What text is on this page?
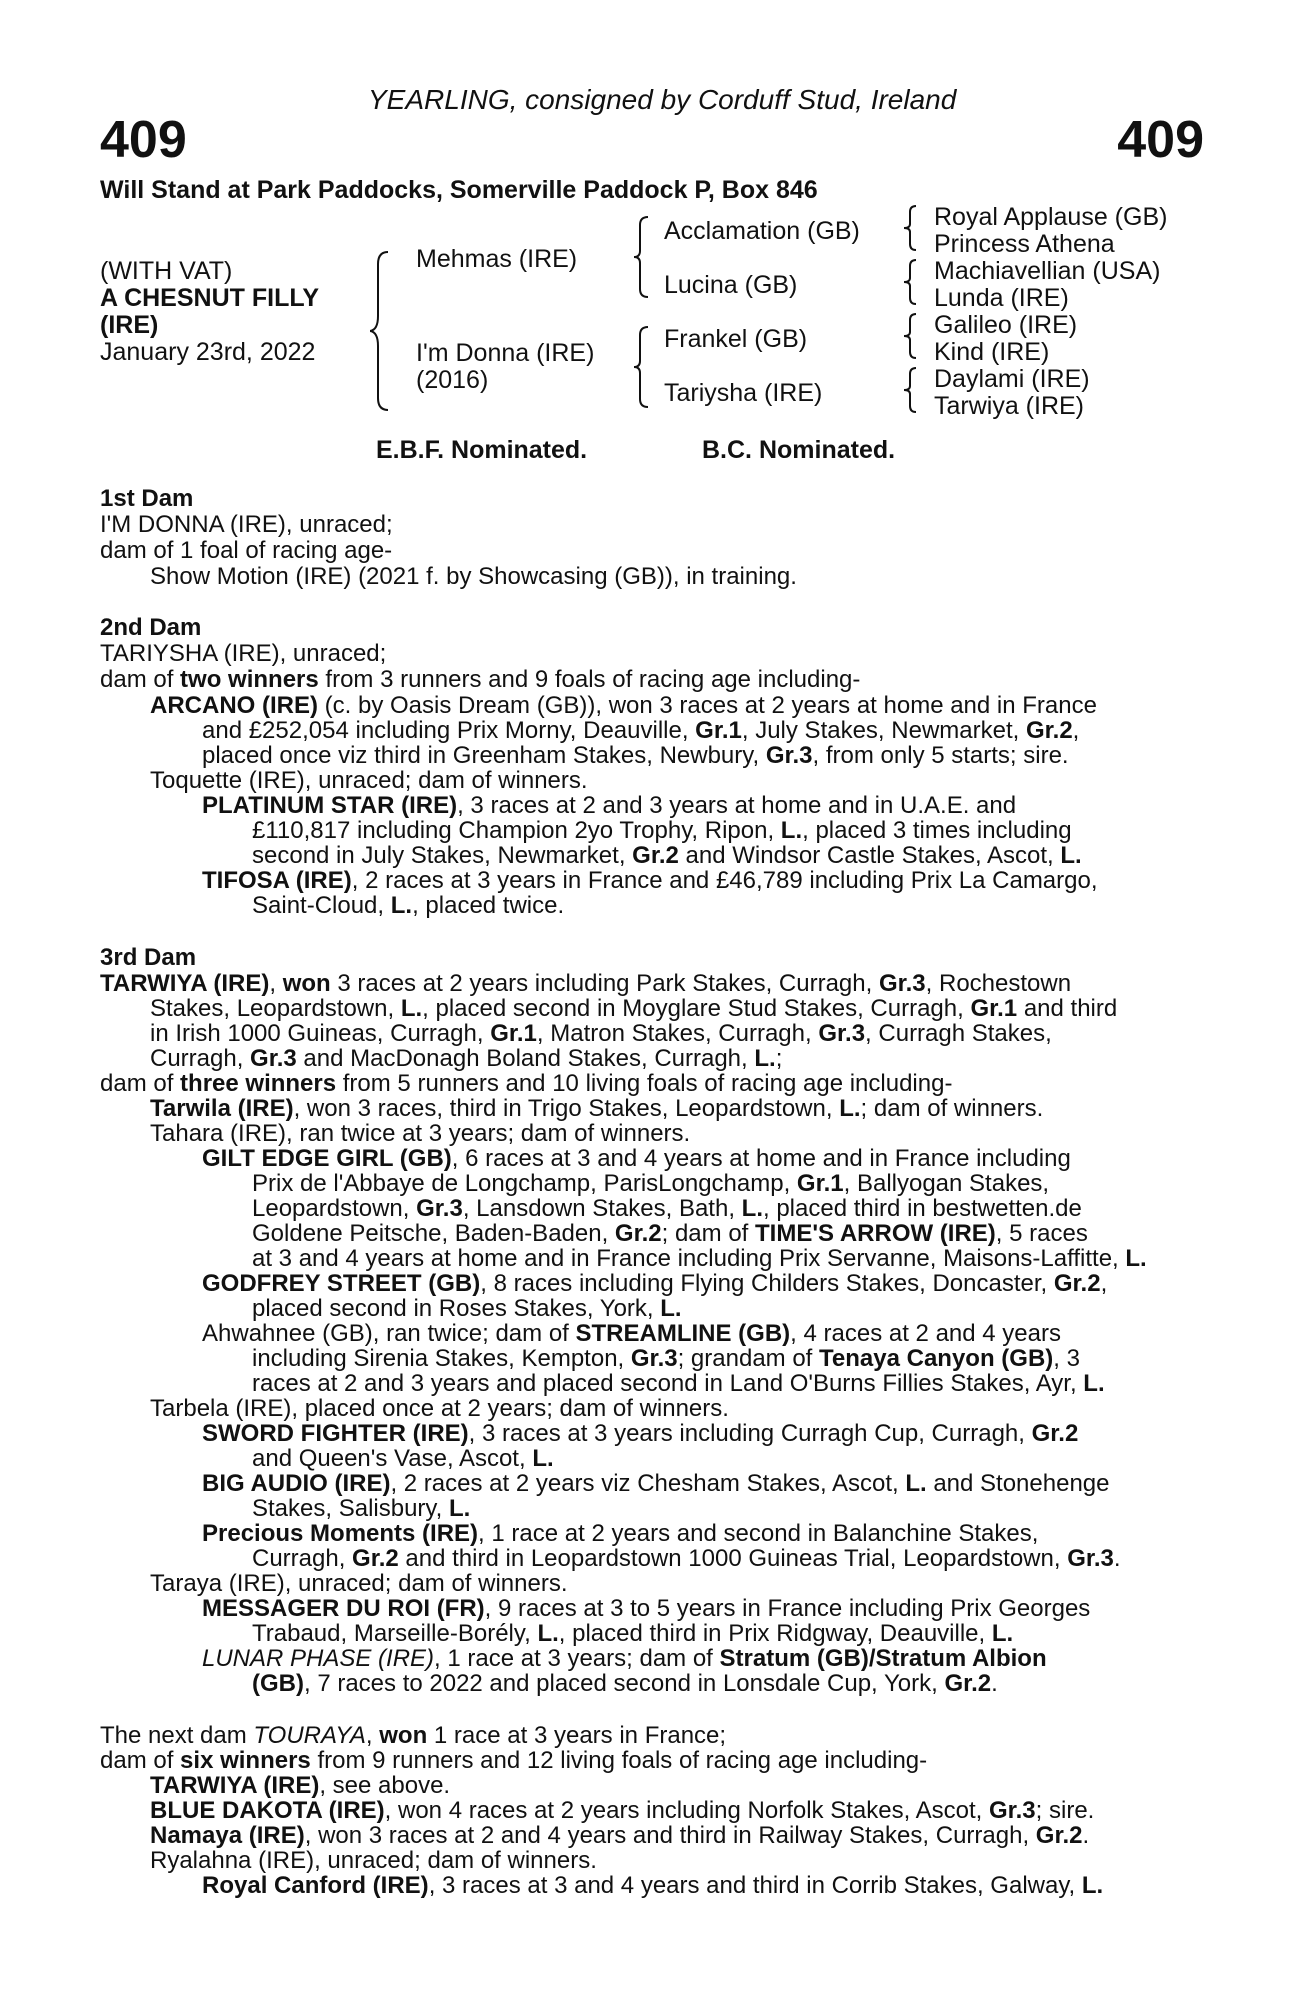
YEARLING, consigned by Corduff Stud, Ireland
409	409
Will Stand at Park Paddocks, Somerville Paddock P, Box 846
(WITH VAT)
A CHESNUT FILLY
(IRE)
January 23rd, 2022
Mehmas (IRE)
I'm Donna (IRE)
(2016)
Acclamation (GB)
Lucina (GB)
Frankel (GB)
Tariysha (IRE)
Royal Applause (GB)
Princess Athena
Machiavellian (USA)
Lunda (IRE)
Galileo (IRE)
Kind (IRE)
Daylami (IRE)
Tarwiya (IRE)
E.B.F. Nominated.	B.C. Nominated.
1st Dam
I'M DONNA (IRE), unraced;
dam of 1 foal of racing age-
Show Motion (IRE) (2021 f. by Showcasing (GB)), in training.
2nd Dam
TARIYSHA (IRE), unraced;
dam of two winners from 3 runners and 9 foals of racing age including-
ARCANO (IRE) (c. by Oasis Dream (GB)), won 3 races at 2 years at home and in France
and £252,054 including Prix Morny, Deauville, Gr.1, July Stakes, Newmarket, Gr.2,
placed once viz third in Greenham Stakes, Newbury, Gr.3, from only 5 starts; sire.
Toquette (IRE), unraced; dam of winners.
PLATINUM STAR (IRE), 3 races at 2 and 3 years at home and in U.A.E. and
£110,817 including Champion 2yo Trophy, Ripon, L., placed 3 times including
second in July Stakes, Newmarket, Gr.2 and Windsor Castle Stakes, Ascot, L.
TIFOSA (IRE), 2 races at 3 years in France and £46,789 including Prix La Camargo,
Saint-Cloud, L., placed twice.
3rd Dam
TARWIYA (IRE), won 3 races at 2 years including Park Stakes, Curragh, Gr.3, Rochestown
Stakes, Leopardstown, L., placed second in Moyglare Stud Stakes, Curragh, Gr.1 and third
in Irish 1000 Guineas, Curragh, Gr.1, Matron Stakes, Curragh, Gr.3, Curragh Stakes,
Curragh, Gr.3 and MacDonagh Boland Stakes, Curragh, L.;
dam of three winners from 5 runners and 10 living foals of racing age including-
Tarwila (IRE), won 3 races, third in Trigo Stakes, Leopardstown, L.; dam of winners.
Tahara (IRE), ran twice at 3 years; dam of winners.
GILT EDGE GIRL (GB), 6 races at 3 and 4 years at home and in France including
Prix de l'Abbaye de Longchamp, ParisLongchamp, Gr.1, Ballyogan Stakes,
Leopardstown, Gr.3, Lansdown Stakes, Bath, L., placed third in bestwetten.de
Goldene Peitsche, Baden-Baden, Gr.2; dam of TIME'S ARROW (IRE), 5 races
at 3 and 4 years at home and in France including Prix Servanne, Maisons-Laffitte, L.
GODFREY STREET (GB), 8 races including Flying Childers Stakes, Doncaster, Gr.2,
placed second in Roses Stakes, York, L.
Ahwahnee (GB), ran twice; dam of STREAMLINE (GB), 4 races at 2 and 4 years
including Sirenia Stakes, Kempton, Gr.3; grandam of Tenaya Canyon (GB), 3
races at 2 and 3 years and placed second in Land O'Burns Fillies Stakes, Ayr, L.
Tarbela (IRE), placed once at 2 years; dam of winners.
SWORD FIGHTER (IRE), 3 races at 3 years including Curragh Cup, Curragh, Gr.2
and Queen's Vase, Ascot, L.
BIG AUDIO (IRE), 2 races at 2 years viz Chesham Stakes, Ascot, L. and Stonehenge
Stakes, Salisbury, L.
Precious Moments (IRE), 1 race at 2 years and second in Balanchine Stakes,
Curragh, Gr.2 and third in Leopardstown 1000 Guineas Trial, Leopardstown, Gr.3.
Taraya (IRE), unraced; dam of winners.
MESSAGER DU ROI (FR), 9 races at 3 to 5 years in France including Prix Georges
Trabaud, Marseille-Borély, L., placed third in Prix Ridgway, Deauville, L.
LUNAR PHASE (IRE), 1 race at 3 years; dam of Stratum (GB)/Stratum Albion
(GB), 7 races to 2022 and placed second in Lonsdale Cup, York, Gr.2.
The next dam TOURAYA, won 1 race at 3 years in France;
dam of six winners from 9 runners and 12 living foals of racing age including-
TARWIYA (IRE), see above.
BLUE DAKOTA (IRE), won 4 races at 2 years including Norfolk Stakes, Ascot, Gr.3; sire.
Namaya (IRE), won 3 races at 2 and 4 years and third in Railway Stakes, Curragh, Gr.2.
Ryalahna (IRE), unraced; dam of winners.
Royal Canford (IRE), 3 races at 3 and 4 years and third in Corrib Stakes, Galway, L.
